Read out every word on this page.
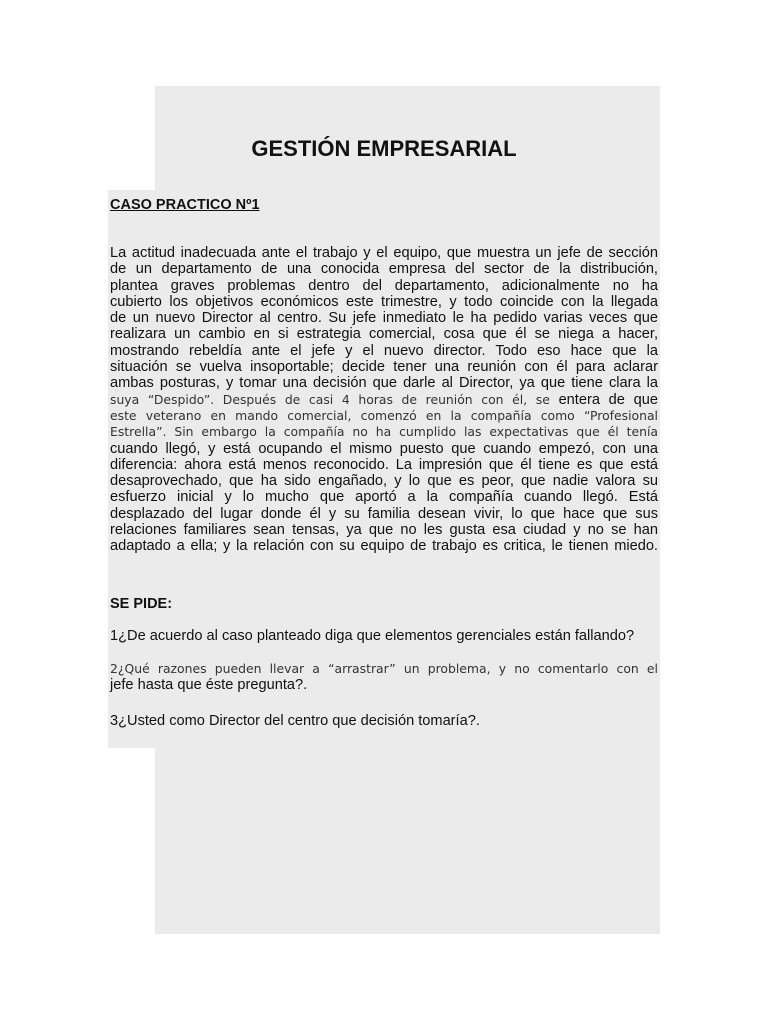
GESTIÓN EMPRESARIAL

CASO PRACTICO Nº1

La actitud inadecuada ante el trabajo y el equipo, que muestra un jefe de sección
de un departamento de una conocida empresa del sector de la distribución,
plantea graves problemas dentro del departamento, adicionalmente no ha
cubierto los objetivos económicos este trimestre, y todo coincide con la llegada
de un nuevo Director al centro. Su jefe inmediato le ha pedido varias veces que
realizara un cambio en si estrategia comercial, cosa que él se niega a hacer,
mostrando rebeldía ante el jefe y el nuevo director. Todo eso hace que la
situación se vuelva insoportable; decide tener una reunión con él para aclarar
ambas posturas, y tomar una decisión que darle al Director, ya que tiene clara la
suya “Despido”. Después de casi 4 horas de reunión con él, se entera de que
este veterano en mando comercial, comenzó en la compañía como “Profesional
Estrella”. Sin embargo la compañía no ha cumplido las expectativas que él tenía
cuando llegó, y está ocupando el mismo puesto que cuando empezó, con una
diferencia: ahora está menos reconocido. La impresión que él tiene es que está
desaprovechado, que ha sido engañado, y lo que es peor, que nadie valora su
esfuerzo inicial y lo mucho que aportó a la compañía cuando llegó. Está
desplazado del lugar donde él y su familia desean vivir, lo que hace que sus
relaciones familiares sean tensas, ya que no les gusta esa ciudad y no se han
adaptado a ella; y la relación con su equipo de trabajo es critica, le tienen miedo.

SE PIDE:

1¿De acuerdo al caso planteado diga que elementos gerenciales están fallando?

2¿Qué razones pueden llevar a “arrastrar” un problema, y no comentarlo con el
jefe hasta que éste pregunta?.

3¿Usted como Director del centro que decisión tomaría?.
